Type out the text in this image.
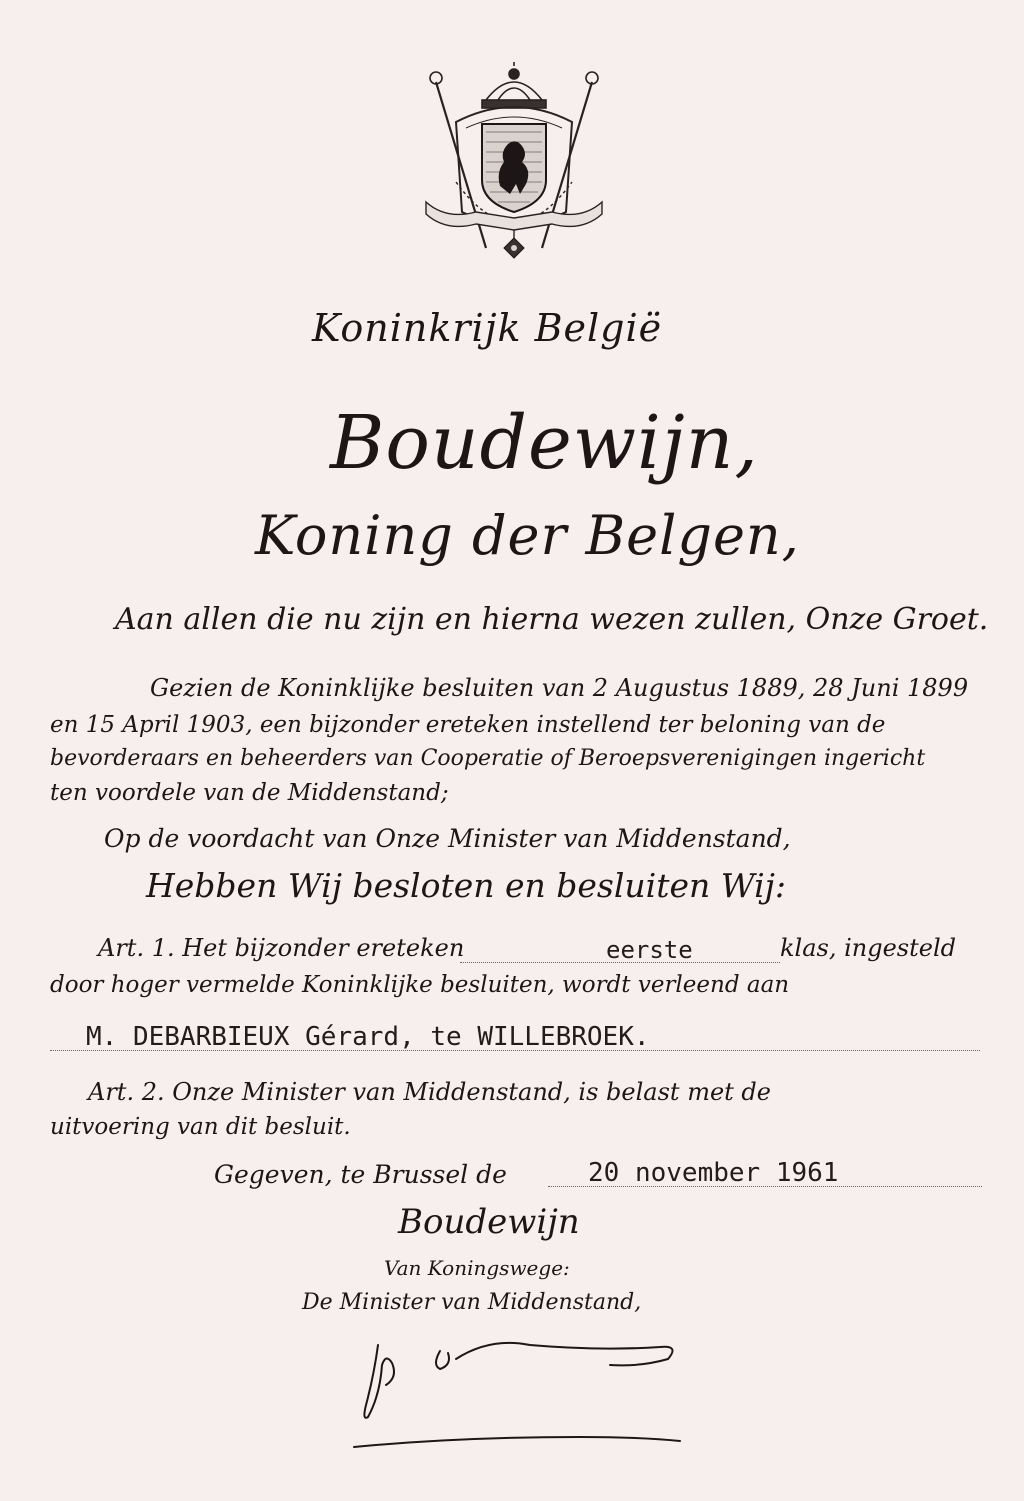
Koninkrijk België
Boudewijn,
Koning der Belgen,
Aan allen die nu zijn en hierna wezen zullen, Onze Groet.
Gezien de Koninklijke besluiten van 2 Augustus 1889, 28 Juni 1899
en 15 April 1903, een bijzonder ereteken instellend ter beloning van de
bevorderaars en beheerders van Cooperatie of Beroepsverenigingen ingericht
ten voordele van de Middenstand;
Op de voordacht van Onze Minister van Middenstand,
Hebben Wij besloten en besluiten Wij:
Art. 1. Het bijzonder ereteken	eerste	klas, ingesteld
door hoger vermelde Koninklijke besluiten, wordt verleend aan
M. DEBARBIEUX Gérard, te WILLEBROEK.
Art. 2. Onze Minister van Middenstand, is belast met de
uitvoering van dit besluit.
Gegeven, te Brussel de	20 november 1961
Boudewijn
Van Koningswege:
De Minister van Middenstand,
